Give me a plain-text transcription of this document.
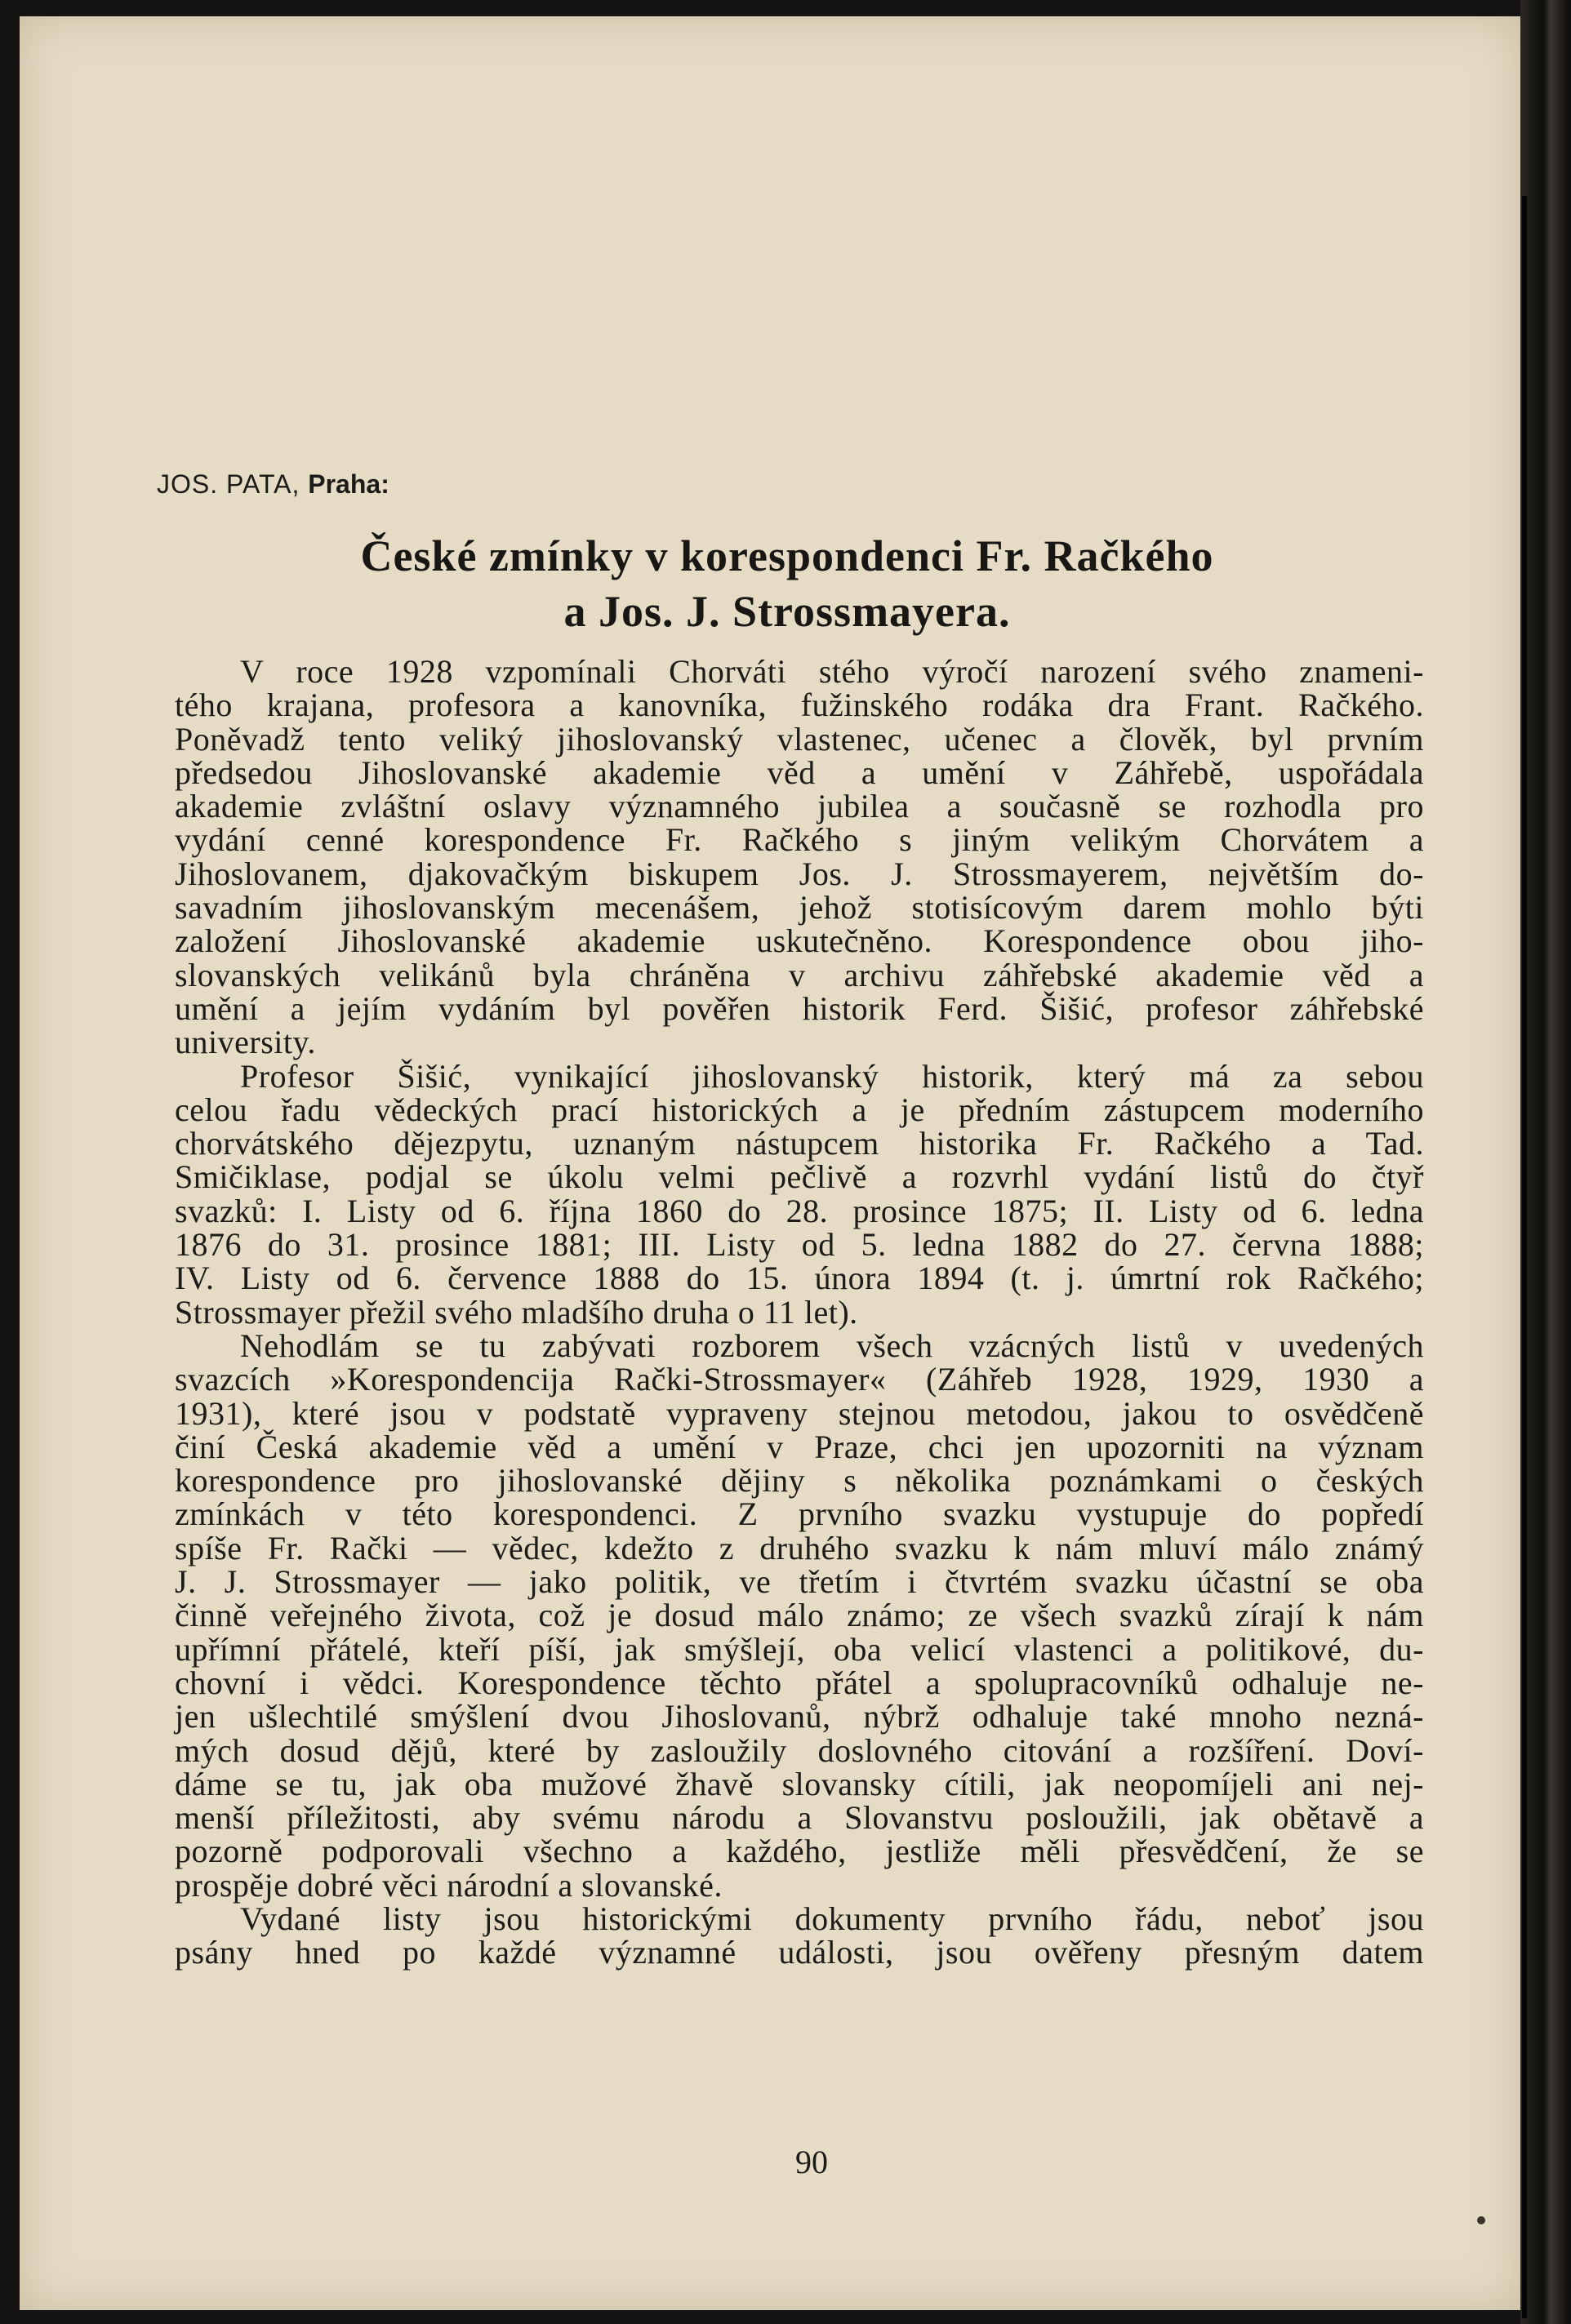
JOS. PATA, Praha:
České zmínky v korespondenci Fr. Račkého
a Jos. J. Strossmayera.
V roce 1928 vzpomínali Chorváti stého výročí narození svého znameni-
tého krajana, profesora a kanovníka, fužinského rodáka dra Frant. Račkého.
Poněvadž tento veliký jihoslovanský vlastenec, učenec a člověk, byl prvním
předsedou Jihoslovanské akademie věd a umění v Záhřebě, uspořádala
akademie zvláštní oslavy významného jubilea a současně se rozhodla pro
vydání cenné korespondence Fr. Račkého s jiným velikým Chorvátem a
Jihoslovanem, djakovačkým biskupem Jos. J. Strossmayerem, největším do-
savadním jihoslovanským mecenášem, jehož stotisícovým darem mohlo býti
založení Jihoslovanské akademie uskutečněno. Korespondence obou jiho-
slovanských velikánů byla chráněna v archivu záhřebské akademie věd a
umění a jejím vydáním byl pověřen historik Ferd. Šišić, profesor záhřebské
university.
Profesor Šišić, vynikající jihoslovanský historik, který má za sebou
celou řadu vědeckých prací historických a je předním zástupcem moderního
chorvátského dějezpytu, uznaným nástupcem historika Fr. Račkého a Tad.
Smičiklase, podjal se úkolu velmi pečlivě a rozvrhl vydání listů do čtyř
svazků: I. Listy od 6. října 1860 do 28. prosince 1875; II. Listy od 6. ledna
1876 do 31. prosince 1881; III. Listy od 5. ledna 1882 do 27. června 1888;
IV. Listy od 6. července 1888 do 15. února 1894 (t. j. úmrtní rok Račkého;
Strossmayer přežil svého mladšího druha o 11 let).
Nehodlám se tu zabývati rozborem všech vzácných listů v uvedených
svazcích »Korespondencija Rački-Strossmayer« (Záhřeb 1928, 1929, 1930 a
1931), které jsou v podstatě vypraveny stejnou metodou, jakou to osvědčeně
činí Česká akademie věd a umění v Praze, chci jen upozorniti na význam
korespondence pro jihoslovanské dějiny s několika poznámkami o českých
zmínkách v této korespondenci. Z prvního svazku vystupuje do popředí
spíše Fr. Rački — vědec, kdežto z druhého svazku k nám mluví málo známý
J. J. Strossmayer — jako politik, ve třetím i čtvrtém svazku účastní se oba
činně veřejného života, což je dosud málo známo; ze všech svazků zírají k nám
upřímní přátelé, kteří píší, jak smýšlejí, oba velicí vlastenci a politikové, du-
chovní i vědci. Korespondence těchto přátel a spolupracovníků odhaluje ne-
jen ušlechtilé smýšlení dvou Jihoslovanů, nýbrž odhaluje také mnoho nezná-
mých dosud dějů, které by zasloužily doslovného citování a rozšíření. Doví-
dáme se tu, jak oba mužové žhavě slovansky cítili, jak neopomíjeli ani nej-
menší příležitosti, aby svému národu a Slovanstvu posloužili, jak obětavě a
pozorně podporovali všechno a každého, jestliže měli přesvědčení, že se
prospěje dobré věci národní a slovanské.
Vydané listy jsou historickými dokumenty prvního řádu, neboť jsou
psány hned po každé významné události, jsou ověřeny přesným datem
90
